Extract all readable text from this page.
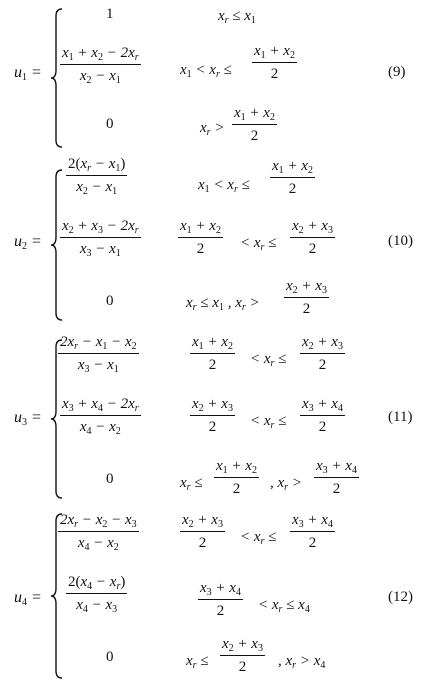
$u_1$ =
1	$x_r \le x_1$
$x_1 + x_2 - 2x_r$
$x_2 - x_1$
$x_1 < x_r$ ≤
$x_1 + x_2$
2
0	$x_r$ >
$x_1 + x_2$
2
(9)
$u_2$ =
$2(x_r - x_1)$
$x_2 - x_1$	$x_1 < x_r$ ≤
$x_1 + x_2$
2
$x_2 + x_3 - 2x_r$
$x_3 - x_1$
$x_1 + x_2$
$2 < x_r$ ≤
$x_2 + x_3$
2
0	$x_r \le x_1$ , $x_r$ >
$x_2 + x_3$
2
(10)
$u_3$ =
$2x_r - x_1 - x_2$
$x_3 - x_1$
$x_1 + x_2$
$2 < x_r$ ≤
$x_2 + x_3$
2
$x_3 + x_4 - 2x_r$
$x_4 - x_2$
$x_2 + x_3$
$2 < x_r$ ≤
$x_3 + x_4$
2
0	$x_r$ ≤
$x_1 + x_2$
2 , $x_r$ >
$x_3 + x_4$
2
(11)
$u_4$ =
$2x_r - x_2 - x_3$
$x_4 - x_2$
$x_2 + x_3$
$2 < x_r$ ≤
$x_3 + x_4$
2
$2(x_4 - x_r)$
$x_4 - x_3$
$x_3 + x_4$
$2 < x_r \le x_4$
0	$x_r$ ≤
$x_2 + x_3$
2 , $x_r > x_4$
(12)
